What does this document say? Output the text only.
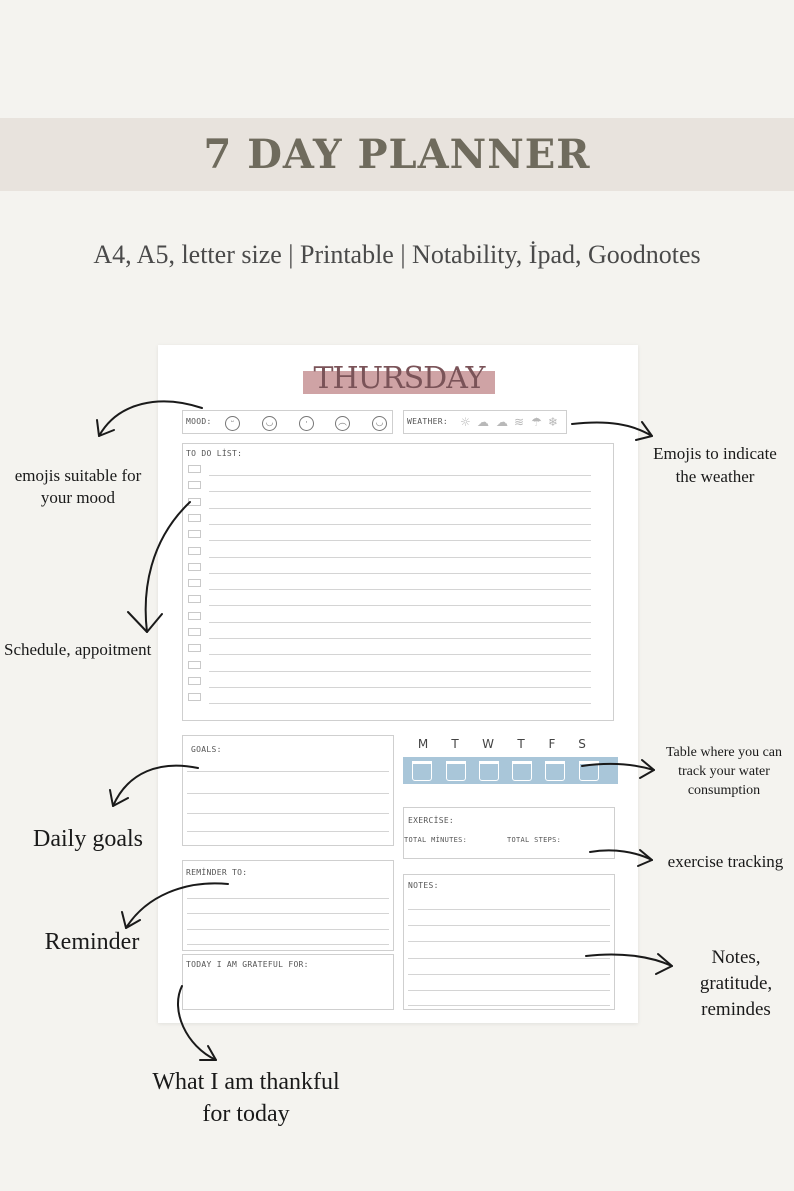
7 DAY PLANNER
A4, A5, letter size | Printable | Notability, İpad, Goodnotes
THURSDAY
MOOD:	ᵕ	◡	·	︵	◡	WEATHER: ☼ ☁ ☁ ≋ ☂ ❄
TO DO LİST:
GOALS:	M	T	W	T	F	S
EXERCİSE:
TOTAL MİNUTES:	TOTAL STEPS:
REMİNDER TO:
NOTES:
TODAY I AM GRATEFUL FOR:
emojis suitable for your mood
Schedule, appoitment
Daily goals
Reminder
What I am thankful for today
Emojis to indicate the weather
Table where you can track your water consumption
exercise tracking
Notes, gratitude, remindes
